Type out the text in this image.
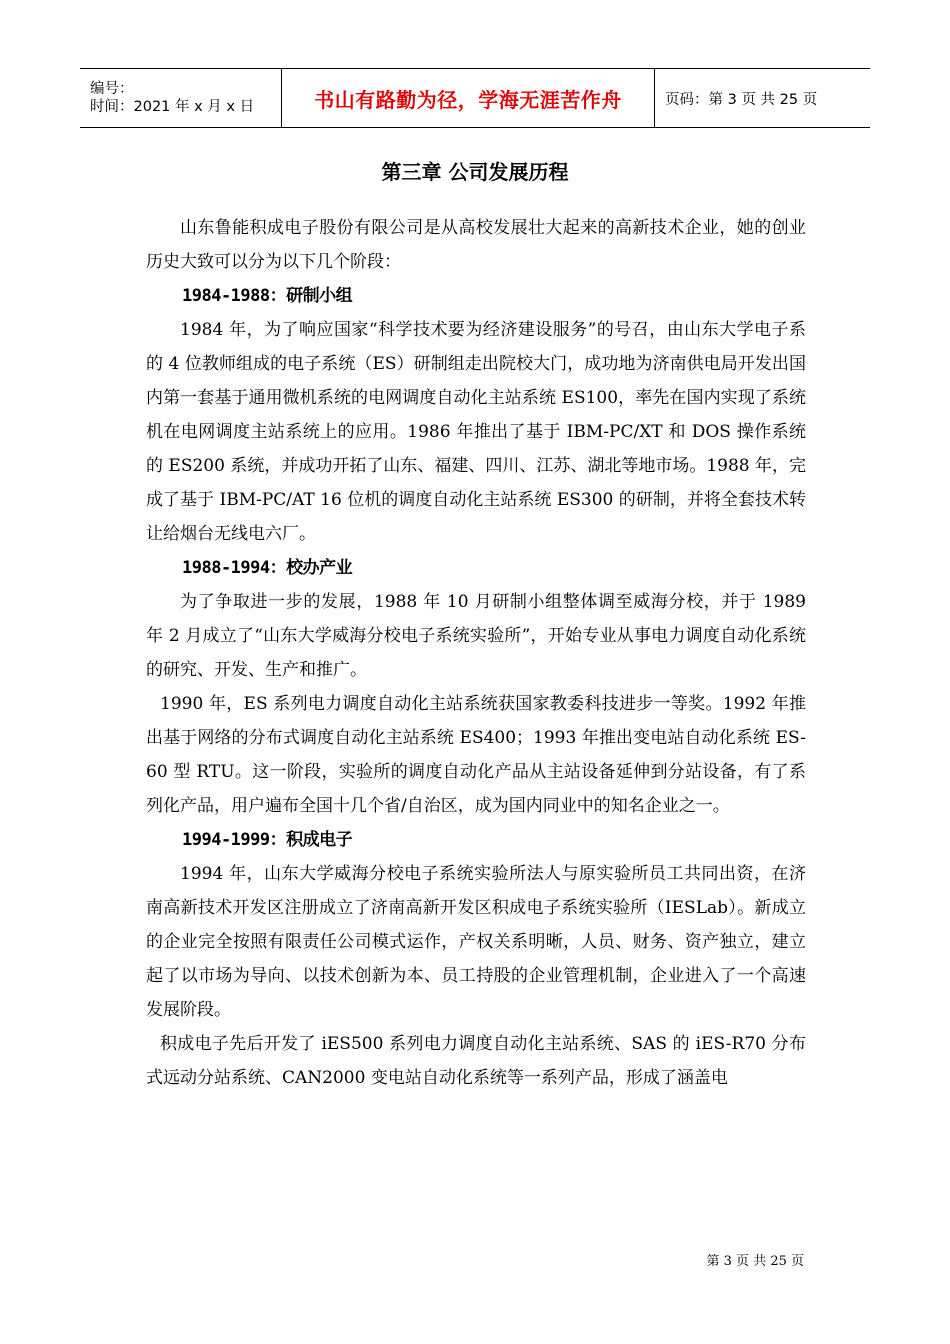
编号：
时间：2021 年 x 月 x 日	书山有路勤为径，学海无涯苦作舟	页码：第 3 页 共 25 页
第三章 公司发展历程

山东鲁能积成电子股份有限公司是从高校发展壮大起来的高新技术企业，她的创业历史大致可以分为以下几个阶段：

1984-1988：研制小组

1984 年，为了响应国家“科学技术要为经济建设服务”的号召，由山东大学电子系的 4 位教师组成的电子系统（ES）研制组走出院校大门，成功地为济南供电局开发出国内第一套基于通用微机系统的电网调度自动化主站系统 ES100，率先在国内实现了系统机在电网调度主站系统上的应用。1986 年推出了基于 IBM-PC/XT 和 DOS 操作系统的 ES200 系统，并成功开拓了山东、福建、四川、江苏、湖北等地市场。1988 年，完成了基于 IBM-PC/AT 16 位机的调度自动化主站系统 ES300 的研制，并将全套技术转让给烟台无线电六厂。

1988-1994：校办产业

为了争取进一步的发展，1988 年 10 月研制小组整体调至威海分校，并于 1989 年 2 月成立了“山东大学威海分校电子系统实验所”，开始专业从事电力调度自动化系统的研究、开发、生产和推广。

1990 年，ES 系列电力调度自动化主站系统获国家教委科技进步一等奖。1992 年推出基于网络的分布式调度自动化主站系统 ES400；1993 年推出变电站自动化系统 ES-60 型 RTU。这一阶段，实验所的调度自动化产品从主站设备延伸到分站设备，有了系列化产品，用户遍布全国十几个省/自治区，成为国内同业中的知名企业之一。

1994-1999：积成电子

1994 年，山东大学威海分校电子系统实验所法人与原实验所员工共同出资，在济南高新技术开发区注册成立了济南高新开发区积成电子系统实验所（IESLab）。新成立的企业完全按照有限责任公司模式运作，产权关系明晰，人员、财务、资产独立，建立起了以市场为导向、以技术创新为本、员工持股的企业管理机制，企业进入了一个高速发展阶段。

积成电子先后开发了 iES500 系列电力调度自动化主站系统、SAS 的 iES-R70 分布式远动分站系统、CAN2000 变电站自动化系统等一系列产品，形成了涵盖电

第 3 页 共 25 页
